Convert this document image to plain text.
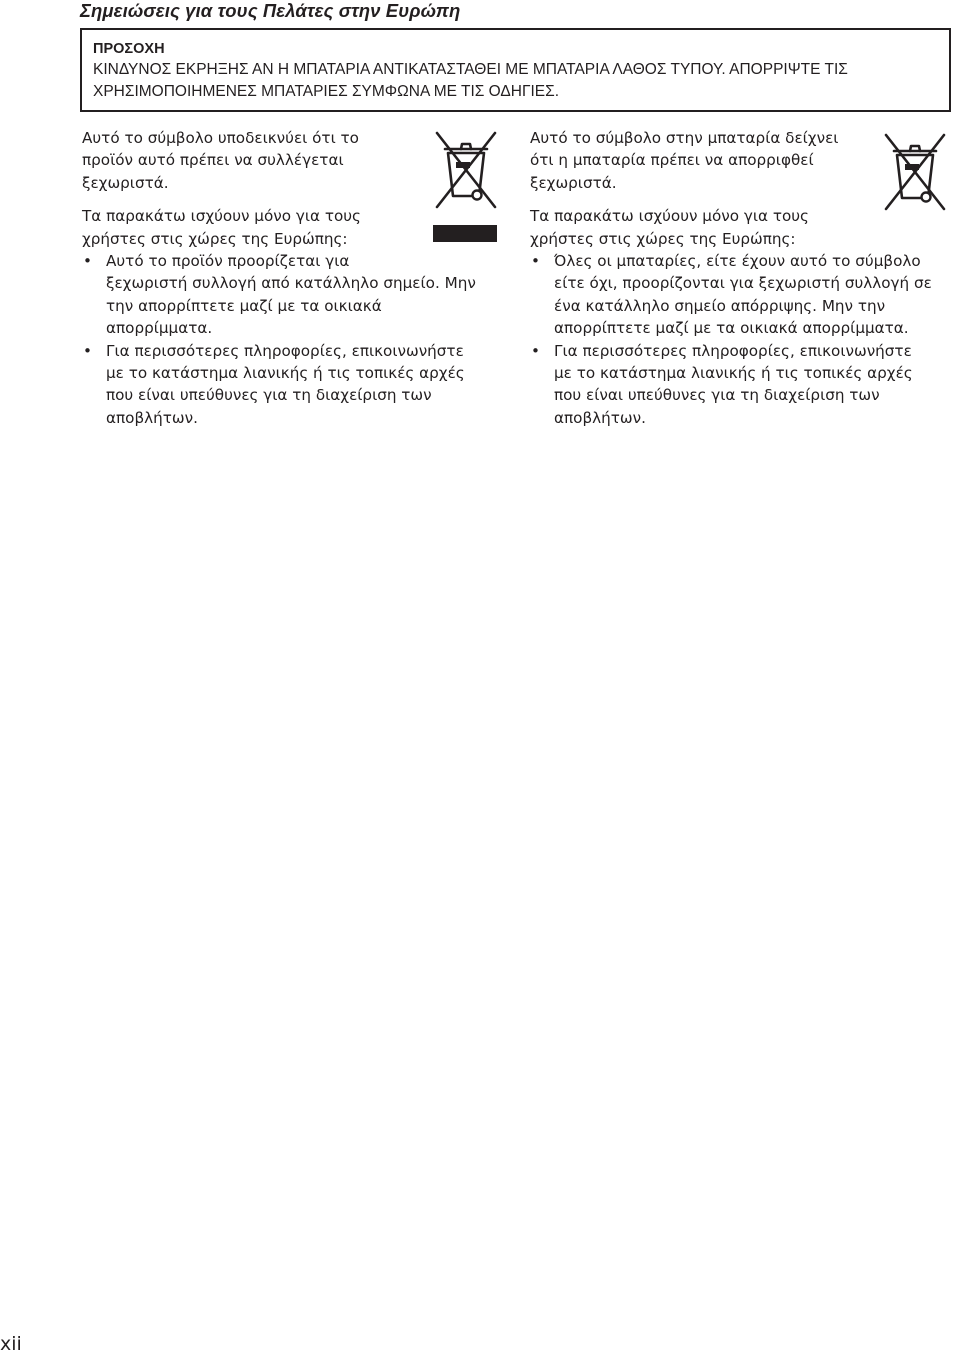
Σημειώσεις για τους Πελάτες στην Ευρώπη
ΠΡΟΣΟΧΗ
ΚΙΝΔΥΝΟΣ ΕΚΡΗΞΗΣ ΑΝ Η ΜΠΑΤΑΡΙΑ ΑΝΤΙΚΑΤΑΣΤΑΘΕΙ ΜΕ ΜΠΑΤΑΡΙΑ ΛΑΘΟΣ ΤΥΠΟΥ. ΑΠΟΡΡΙΨΤΕ ΤΙΣ
ΧΡΗΣΙΜΟΠΟΙΗΜΕΝΕΣ ΜΠΑΤΑΡΙΕΣ ΣΥΜΦΩΝΑ ΜΕ ΤΙΣ ΟΔΗΓΙΕΣ.

Αυτό το σύμβολο υποδεικνύει ότι το

προϊόν αυτό πρέπει να συλλέγεται

ξεχωριστά.

Τα παρακάτω ισχύουν μόνο για τους

χρήστες στις χώρες της Ευρώπης:

• Αυτό το προϊόν προορίζεται για
ξεχωριστή συλλογή από κατάλληλο σημείο. Μην
την απορρίπτετε μαζί με τα οικιακά
απορρίμματα.
• Για περισσότερες πληροφορίες, επικοινωνήστε
με το κατάστημα λιανικής ή τις τοπικές αρχές
που είναι υπεύθυνες για τη διαχείριση των
αποβλήτων.

Αυτό το σύμβολο στην μπαταρία δείχνει

ότι η μπαταρία πρέπει να απορριφθεί

ξεχωριστά.

Τα παρακάτω ισχύουν μόνο για τους

χρήστες στις χώρες της Ευρώπης:

• Όλες οι μπαταρίες, είτε έχουν αυτό το σύμβολο
είτε όχι, προορίζονται για ξεχωριστή συλλογή σε
ένα κατάλληλο σημείο απόρριψης. Μην την
απορρίπτετε μαζί με τα οικιακά απορρίμματα.
• Για περισσότερες πληροφορίες, επικοινωνήστε
με το κατάστημα λιανικής ή τις τοπικές αρχές
που είναι υπεύθυνες για τη διαχείριση των
αποβλήτων.
xii
